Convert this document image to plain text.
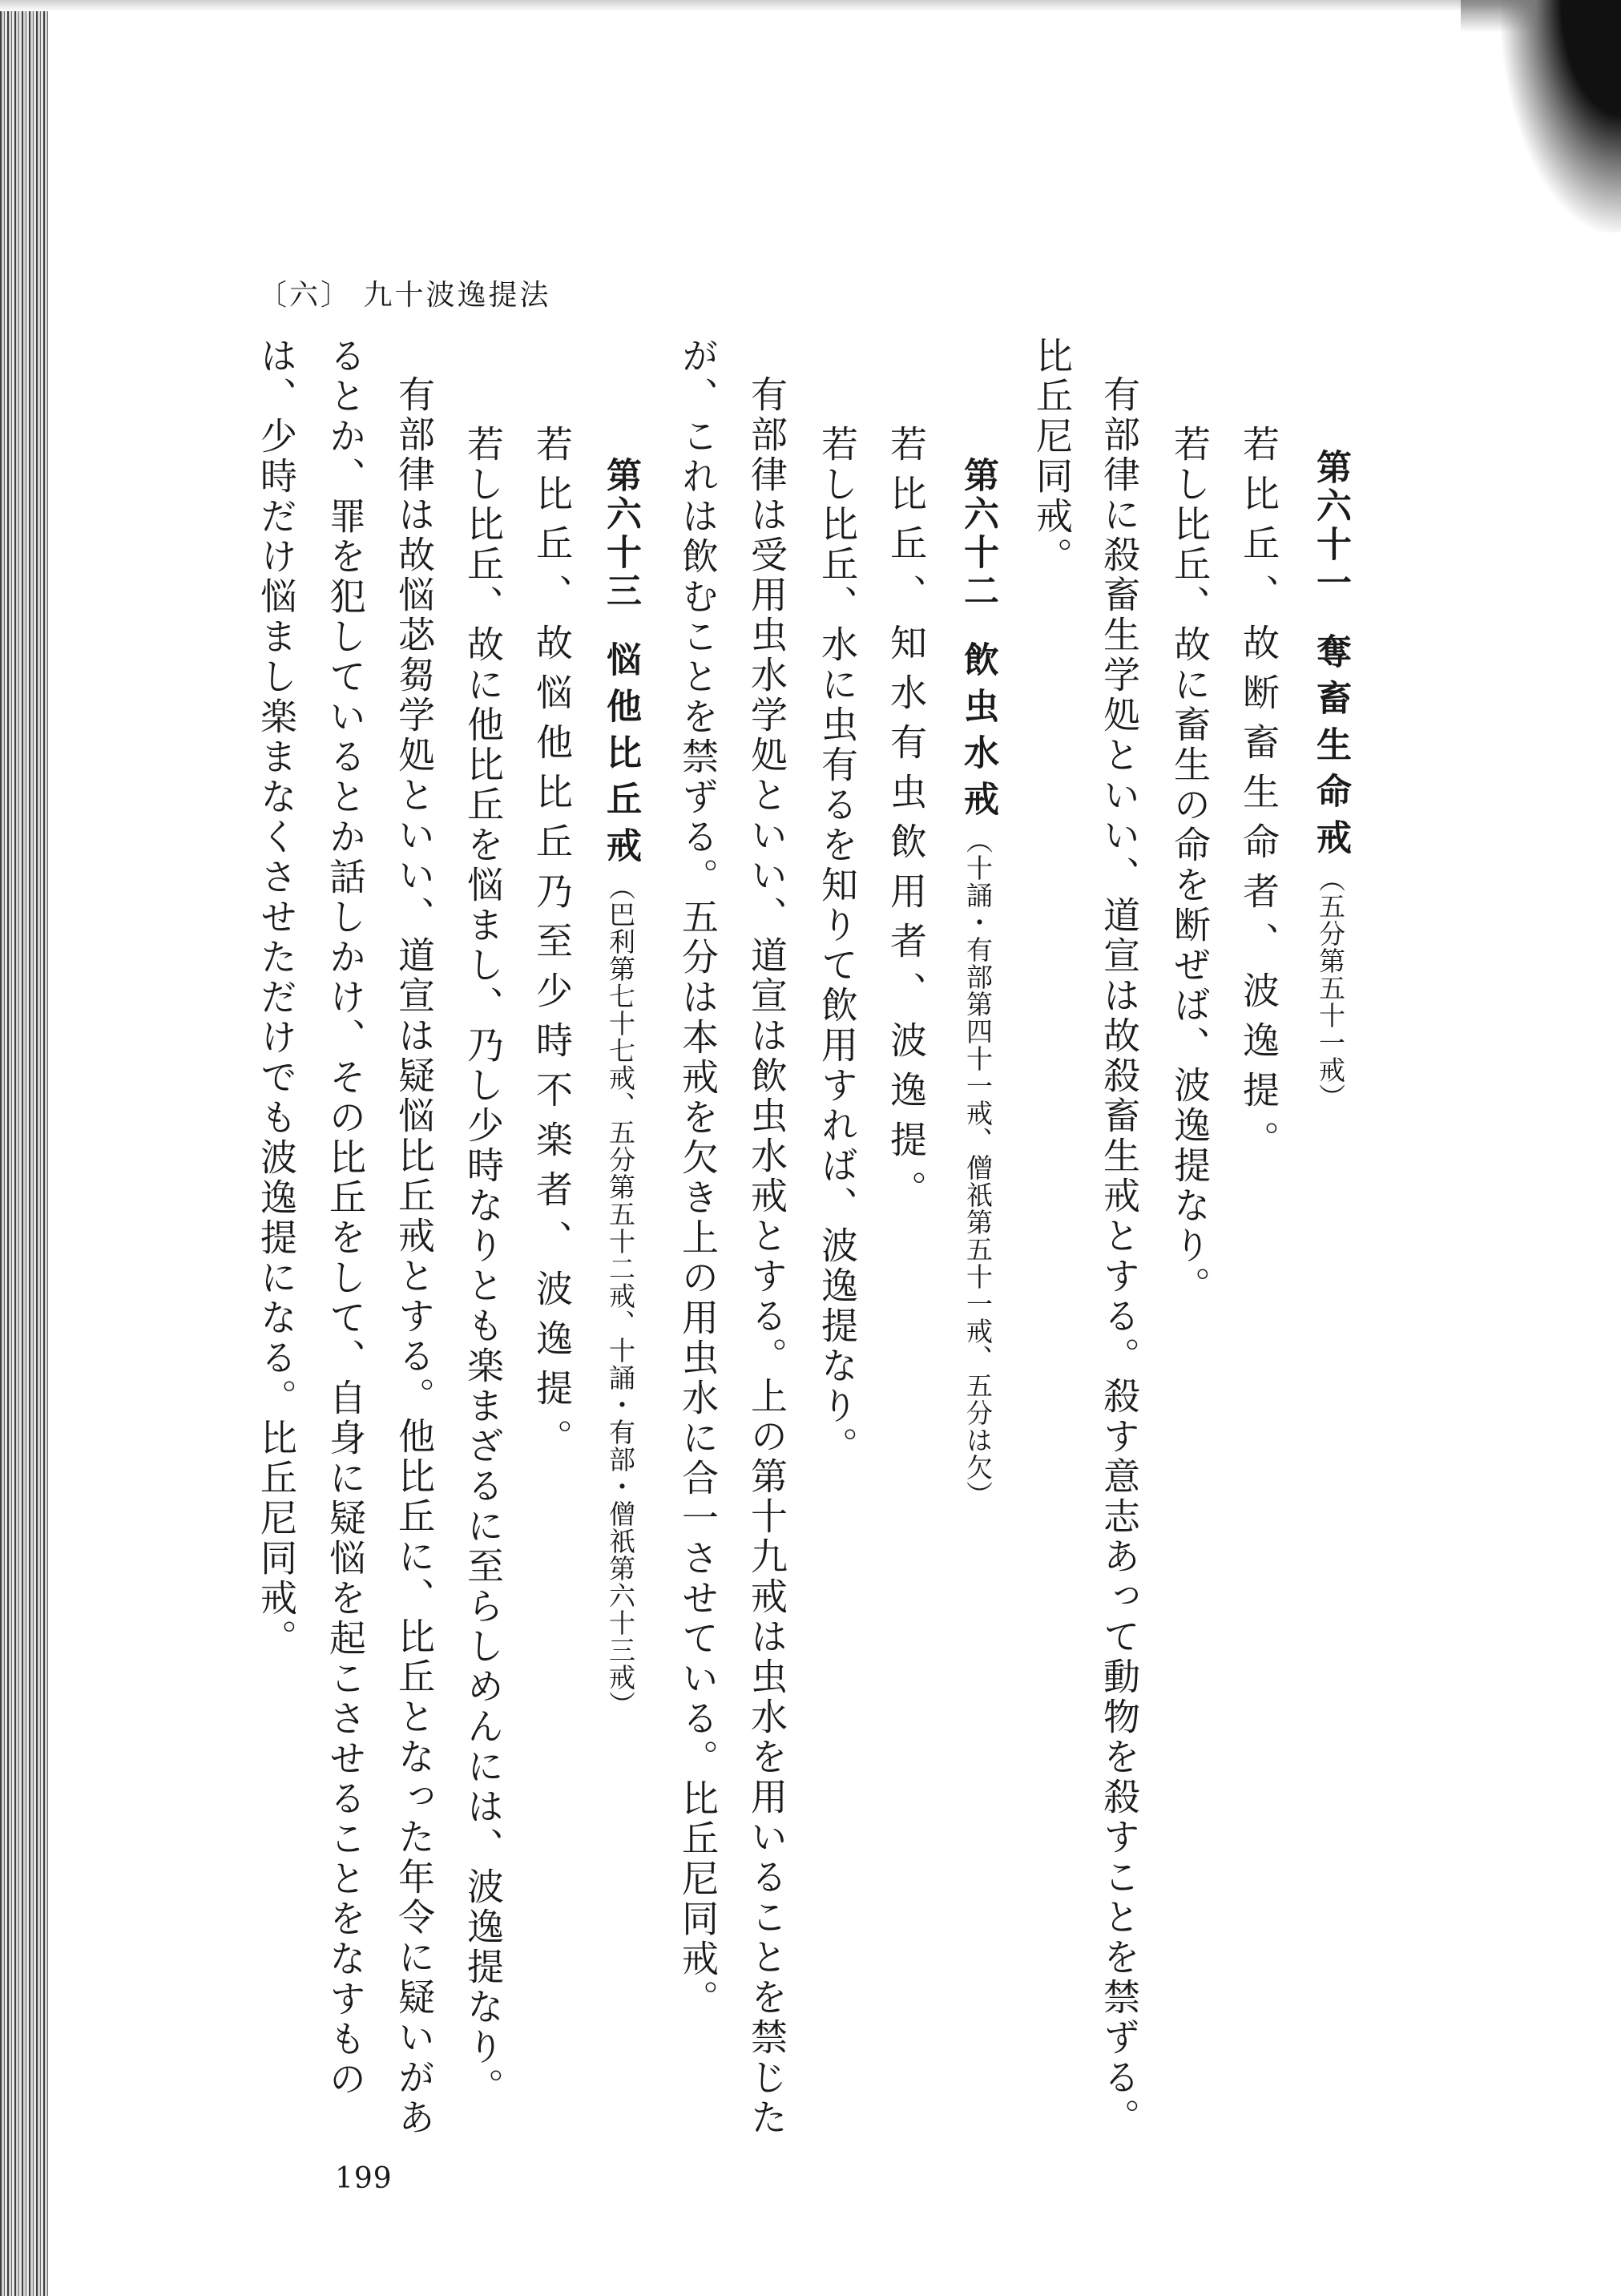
〔六〕 九十波逸提法
第六十一奪畜生命戒（五分第五十一戒）
若比丘、故断畜生命者、波逸提。
若し比丘、故に畜生の命を断ぜば、波逸提なり。
有部律に殺畜生学処といい、道宣は故殺畜生戒とする。殺す意志あって動物を殺すことを禁ずる。
比丘尼同戒。
第六十二飲虫水戒（十誦・有部第四十一戒、僧祇第五十一戒、五分は欠）
若比丘、知水有虫飲用者、波逸提。
若し比丘、水に虫有るを知りて飲用すれば、波逸提なり。
有部律は受用虫水学処といい、道宣は飲虫水戒とする。上の第十九戒は虫水を用いることを禁じた
が、これは飲むことを禁ずる。五分は本戒を欠き上の用虫水に合一させている。比丘尼同戒。
第六十三悩他比丘戒（巴利第七十七戒、五分第五十二戒、十誦・有部・僧祇第六十三戒）
若比丘、故悩他比丘乃至少時不楽者、波逸提。
若し比丘、故に他比丘を悩まし、乃し少時なりとも楽まざるに至らしめんには、波逸提なり。
有部律は故悩苾芻学処といい、道宣は疑悩比丘戒とする。他比丘に、比丘となった年令に疑いがあ
るとか、罪を犯しているとか話しかけ、その比丘をして、自身に疑悩を起こさせることをなすもの
は、少時だけ悩まし楽まなくさせただけでも波逸提になる。比丘尼同戒。
199
